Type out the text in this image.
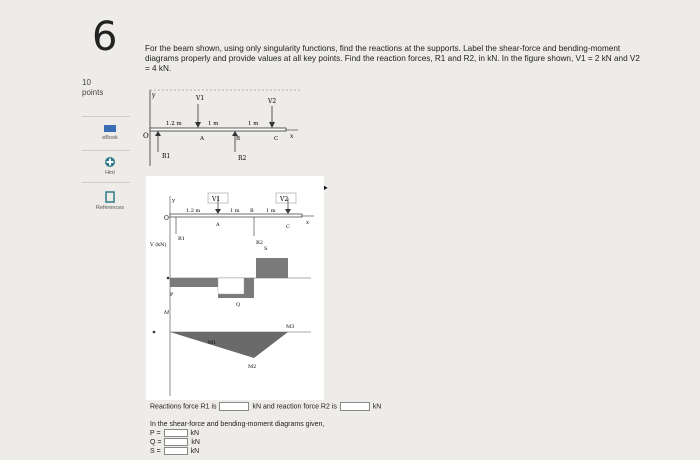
6
10
points
eBook
Hint
References
For the beam shown, using only singularity functions, find the reactions at the supports. Label the shear-force and bending-moment diagrams properly and provide values at all key points. Find the reaction forces, R1 and R2, in kN. In the figure shown, V1 = 2 kN and V2 = 4 kN.
y
O	x
V1	V2
R1	R2
1.2 m	1 m	1 m
A	B	C
y
O
x
V1	V2
1.2 m	1 m	1 m
A
B
C
R1
R2
S
V (kN)
P
Q
M
M1
M2
M3
Reactions force R1 is	kN and reaction force R2 is	kN
In the shear-force and bending-moment diagrams given,
P =	kN
Q =	kN
S =	kN
